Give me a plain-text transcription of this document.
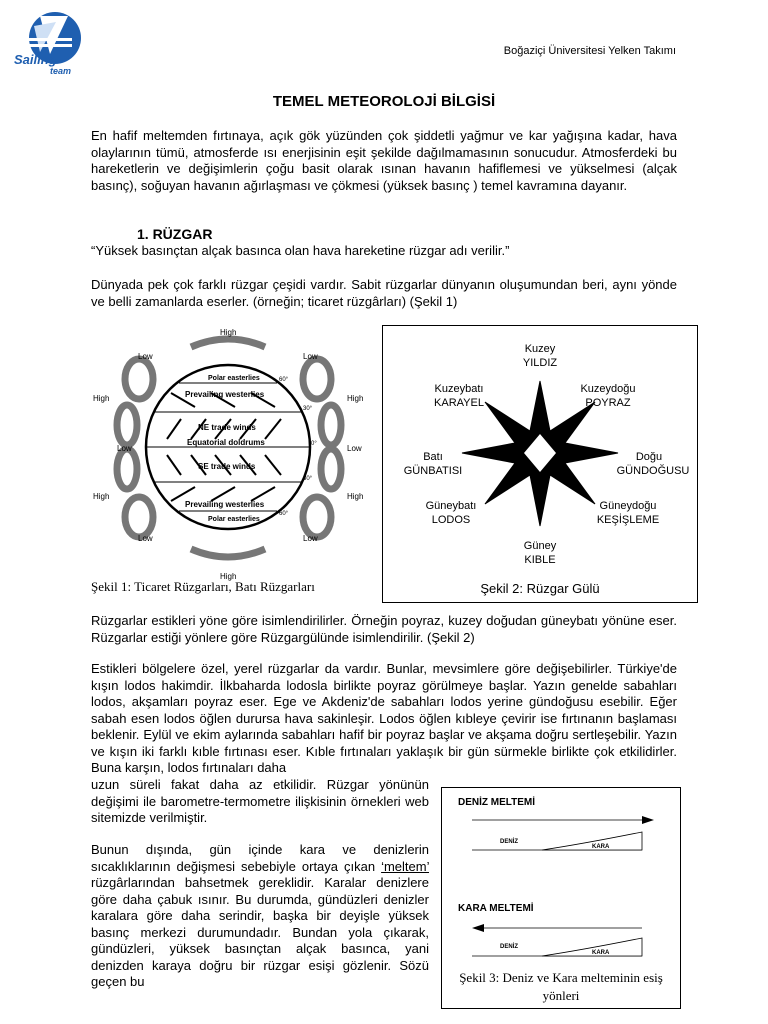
Sailing
team
Boğaziçi Üniversitesi Yelken Takımı
TEMEL METEOROLOJİ BİLGİSİ

En hafif meltemden fırtınaya, açık gök yüzünden çok şiddetli yağmur ve kar yağışına kadar, hava olaylarının tümü, atmosferde ısı enerjisinin eşit şekilde dağılmamasının sonucudur. Atmosferdeki bu hareketlerin ve değişimlerin çoğu basit olarak ısınan havanın hafiflemesi ve yükselmesi (alçak basınç), soğuyan havanın ağırlaşması ve çökmesi (yüksek basınç ) temel kavramına dayanır.

1. RÜZGAR

“Yüksek basınçtan alçak basınca olan hava hareketine rüzgar adı verilir.”

Dünyada pek çok farklı rüzgar çeşidi vardır. Sabit rüzgarlar dünyanın oluşumundan beri, aynı yönde ve belli zamanlarda eserler. (örneğin; ticaret rüzgârları) (Şekil 1)

High
Low	Low
High	High
Low	Low
High	High
Low	Low
High
Polar easterlies
Prevailing westerlies
NE trade winds
Equatorial doldrums
SE trade winds
Prevailing westerlies
Polar easterlies
60°
30°
0°
30°
60°
Şekil 1: Ticaret Rüzgarları, Batı Rüzgarları
Kuzey
YILDIZ
Kuzeybatı
KARAYEL
Kuzeydoğu
POYRAZ
Batı
GÜNBATISI
Doğu
GÜNDOĞUSU
Güneybatı
LODOS
Güneydoğu
KEŞİŞLEME
Güney
KIBLE
Şekil 2: Rüzgar Gülü

Rüzgarlar estikleri yöne göre isimlendirilirler. Örneğin poyraz, kuzey doğudan güneybatı yönüne eser. Rüzgarlar estiği yönlere göre Rüzgargülünde isimlendirilir. (Şekil 2)

Estikleri bölgelere özel, yerel rüzgarlar da vardır. Bunlar, mevsimlere göre değişebilirler. Türkiye'de kışın lodos hakimdir. İlkbaharda lodosla birlikte poyraz görülmeye başlar. Yazın genelde sabahları lodos, akşamları poyraz eser. Ege ve Akdeniz'de sabahları lodos yerine gündoğusu esebilir. Eğer sabah esen lodos öğlen durursa hava sakinleşir. Lodos öğlen kıbleye çevirir ise fırtınanın başlaması beklenir. Eylül ve ekim aylarında sabahları hafif bir poyraz başlar ve akşama doğru sertleşebilir. Yazın ve kışın iki farklı kıble fırtınası eser. Kıble fırtınaları yaklaşık bir gün sürmekle birlikte çok etkilidirler. Buna karşın, lodos fırtınaları daha

uzun süreli fakat daha az etkilidir. Rüzgar yönünün değişimi ile barometre-termometre ilişkisinin örnekleri web sitemizde verilmiştir.

Bunun dışında, gün içinde kara ve denizlerin sıcaklıklarının değişmesi sebebiyle ortaya çıkan ‘meltem’ rüzgârlarından bahsetmek gereklidir. Karalar denizlere göre daha çabuk ısınır. Bu durumda, gündüzleri denizler karalara göre daha serindir, başka bir deyişle yüksek basınç merkezi durumundadır. Bundan yola çıkarak, gündüzleri, yüksek basınçtan alçak basınca, yani denizden karaya doğru bir rüzgar esişi gözlenir. Sözü geçen bu

DENİZ MELTEMİ
DENİZ
KARA
KARA MELTEMİ
DENİZ
KARA
Şekil 3: Deniz ve Kara melteminin esiş yönleri
